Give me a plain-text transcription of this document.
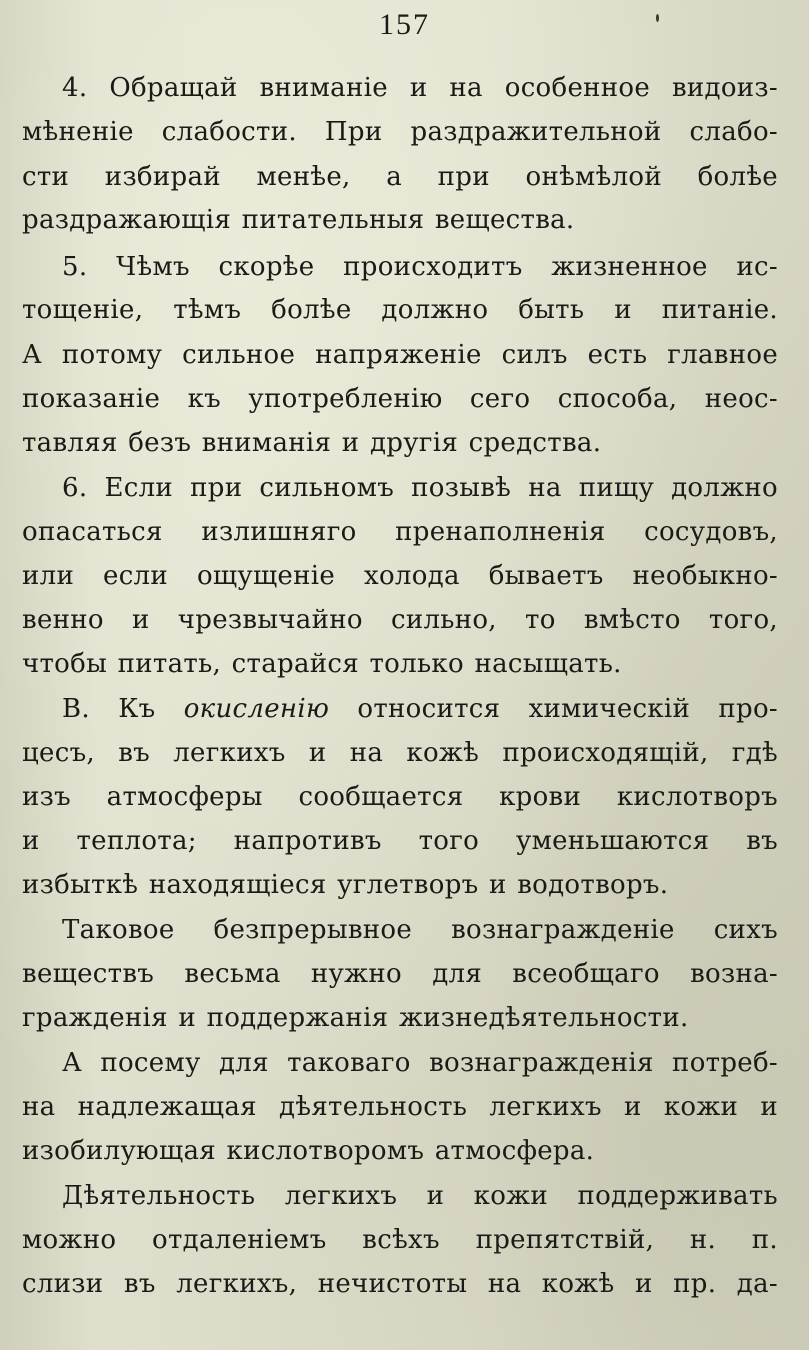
157
4. Обращай вниманіе и на особенное видоиз-
мѣненіе слабости. При раздражительной слабо-
сти избирай менѣе, а при онѣмѣлой болѣе
раздражающія питательныя вещества.
5. Чѣмъ скорѣе происходитъ жизненное ис-
тощеніе, тѣмъ болѣе должно быть и питаніе.
А потому сильное напряженіе силъ есть главное
показаніе къ употребленію сего способа, неос-
тавляя безъ вниманія и другія средства.
6. Если при сильномъ позывѣ на пищу должно
опасаться излишняго пренаполненія сосудовъ,
или если ощущеніе холода бываетъ необыкно-
венно и чрезвычайно сильно, то вмѣсто того,
чтобы питать, старайся только насыщать.
В. Къ окисленію относится химическій про-
цесъ, въ легкихъ и на кожѣ происходящій, гдѣ
изъ атмосферы сообщается крови кислотворъ
и теплота; напротивъ того уменьшаются въ
избыткѣ находящіеся углетворъ и водотворъ.
Таковое безпрерывное вознагражденіе сихъ
веществъ весьма нужно для всеобщаго возна-
гражденія и поддержанія жизнедѣятельности.
А посему для таковаго вознагражденія потреб-
на надлежащая дѣятельность легкихъ и кожи и
изобилующая кислотворомъ атмосфера.
Дѣятельность легкихъ и кожи поддерживать
можно отдаленіемъ всѣхъ препятствій, н. п.
слизи въ легкихъ, нечистоты на кожѣ и пр. да-
